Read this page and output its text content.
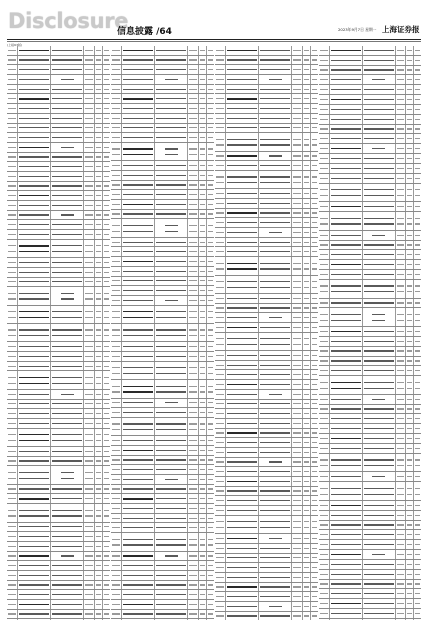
Disclosure
信息披露 /64	2023年9月7日 星期一 上海证券报
(上接63版)
